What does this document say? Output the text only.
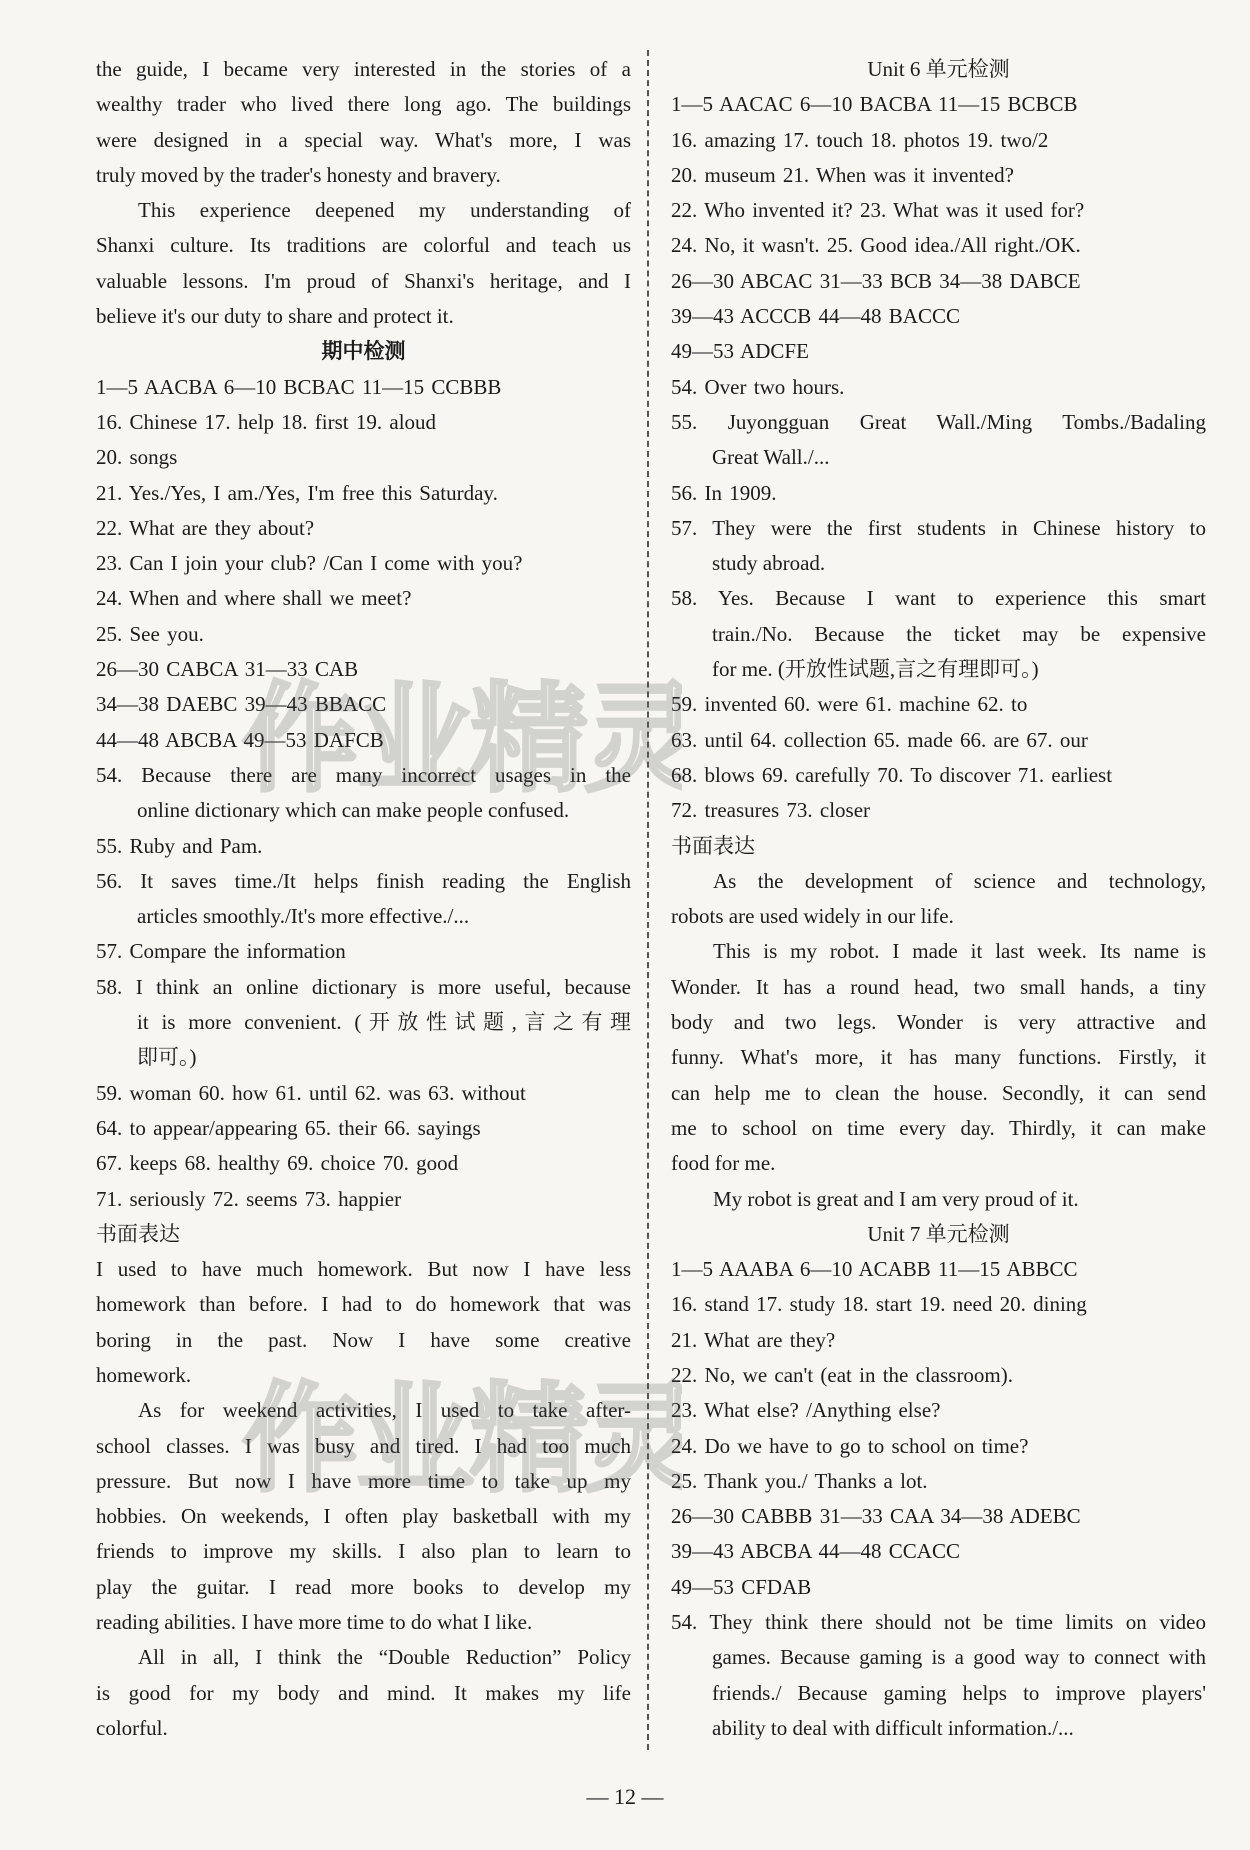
the guide, I became very interested in the stories of a
wealthy trader who lived there long ago. The buildings
were designed in a special way. What's more, I was
truly moved by the trader's honesty and bravery.
This experience deepened my understanding of
Shanxi culture. Its traditions are colorful and teach us
valuable lessons. I'm proud of Shanxi's heritage, and I
believe it's our duty to share and protect it.
期中检测
1—5 AACBA 6—10 BCBAC 11—15 CCBBB
16. Chinese 17. help 18. first 19. aloud
20. songs
21. Yes./Yes, I am./Yes, I'm free this Saturday.
22. What are they about?
23. Can I join your club? /Can I come with you?
24. When and where shall we meet?
25. See you.
26—30 CABCA 31—33 CAB
34—38 DAEBC 39—43 BBACC
44—48 ABCBA 49—53 DAFCB
54. Because there are many incorrect usages in the
online dictionary which can make people confused.
55. Ruby and Pam.
56. It saves time./It helps finish reading the English
articles smoothly./It's more effective./...
57. Compare the information
58. I think an online dictionary is more useful, because
it is more convenient. (开放性试题,言之有理
即可。)
59. woman 60. how 61. until 62. was 63. without
64. to appear/appearing 65. their 66. sayings
67. keeps 68. healthy 69. choice 70. good
71. seriously 72. seems 73. happier
书面表达
I used to have much homework. But now I have less
homework than before. I had to do homework that was
boring in the past. Now I have some creative
homework.
As for weekend activities, I used to take after-
school classes. I was busy and tired. I had too much
pressure. But now I have more time to take up my
hobbies. On weekends, I often play basketball with my
friends to improve my skills. I also plan to learn to
play the guitar. I read more books to develop my
reading abilities. I have more time to do what I like.
All in all, I think the “Double Reduction” Policy
is good for my body and mind. It makes my life
colorful.
Unit 6 单元检测
1—5 AACAC 6—10 BACBA 11—15 BCBCB
16. amazing 17. touch 18. photos 19. two/2
20. museum 21. When was it invented?
22. Who invented it? 23. What was it used for?
24. No, it wasn't. 25. Good idea./All right./OK.
26—30 ABCAC 31—33 BCB 34—38 DABCE
39—43 ACCCB 44—48 BACCC
49—53 ADCFE
54. Over two hours.
55. Juyongguan Great Wall./Ming Tombs./Badaling
Great Wall./...
56. In 1909.
57. They were the first students in Chinese history to
study abroad.
58. Yes. Because I want to experience this smart
train./No. Because the ticket may be expensive
for me. (开放性试题,言之有理即可。)
59. invented 60. were 61. machine 62. to
63. until 64. collection 65. made 66. are 67. our
68. blows 69. carefully 70. To discover 71. earliest
72. treasures 73. closer
书面表达
As the development of science and technology,
robots are used widely in our life.
This is my robot. I made it last week. Its name is
Wonder. It has a round head, two small hands, a tiny
body and two legs. Wonder is very attractive and
funny. What's more, it has many functions. Firstly, it
can help me to clean the house. Secondly, it can send
me to school on time every day. Thirdly, it can make
food for me.
My robot is great and I am very proud of it.
Unit 7 单元检测
1—5 AAABA 6—10 ACABB 11—15 ABBCC
16. stand 17. study 18. start 19. need 20. dining
21. What are they?
22. No, we can't (eat in the classroom).
23. What else? /Anything else?
24. Do we have to go to school on time?
25. Thank you./ Thanks a lot.
26—30 CABBB 31—33 CAA 34—38 ADEBC
39—43 ABCBA 44—48 CCACC
49—53 CFDAB
54. They think there should not be time limits on video
games. Because gaming is a good way to connect with
friends./ Because gaming helps to improve players'
ability to deal with difficult information./...
— 12 —
